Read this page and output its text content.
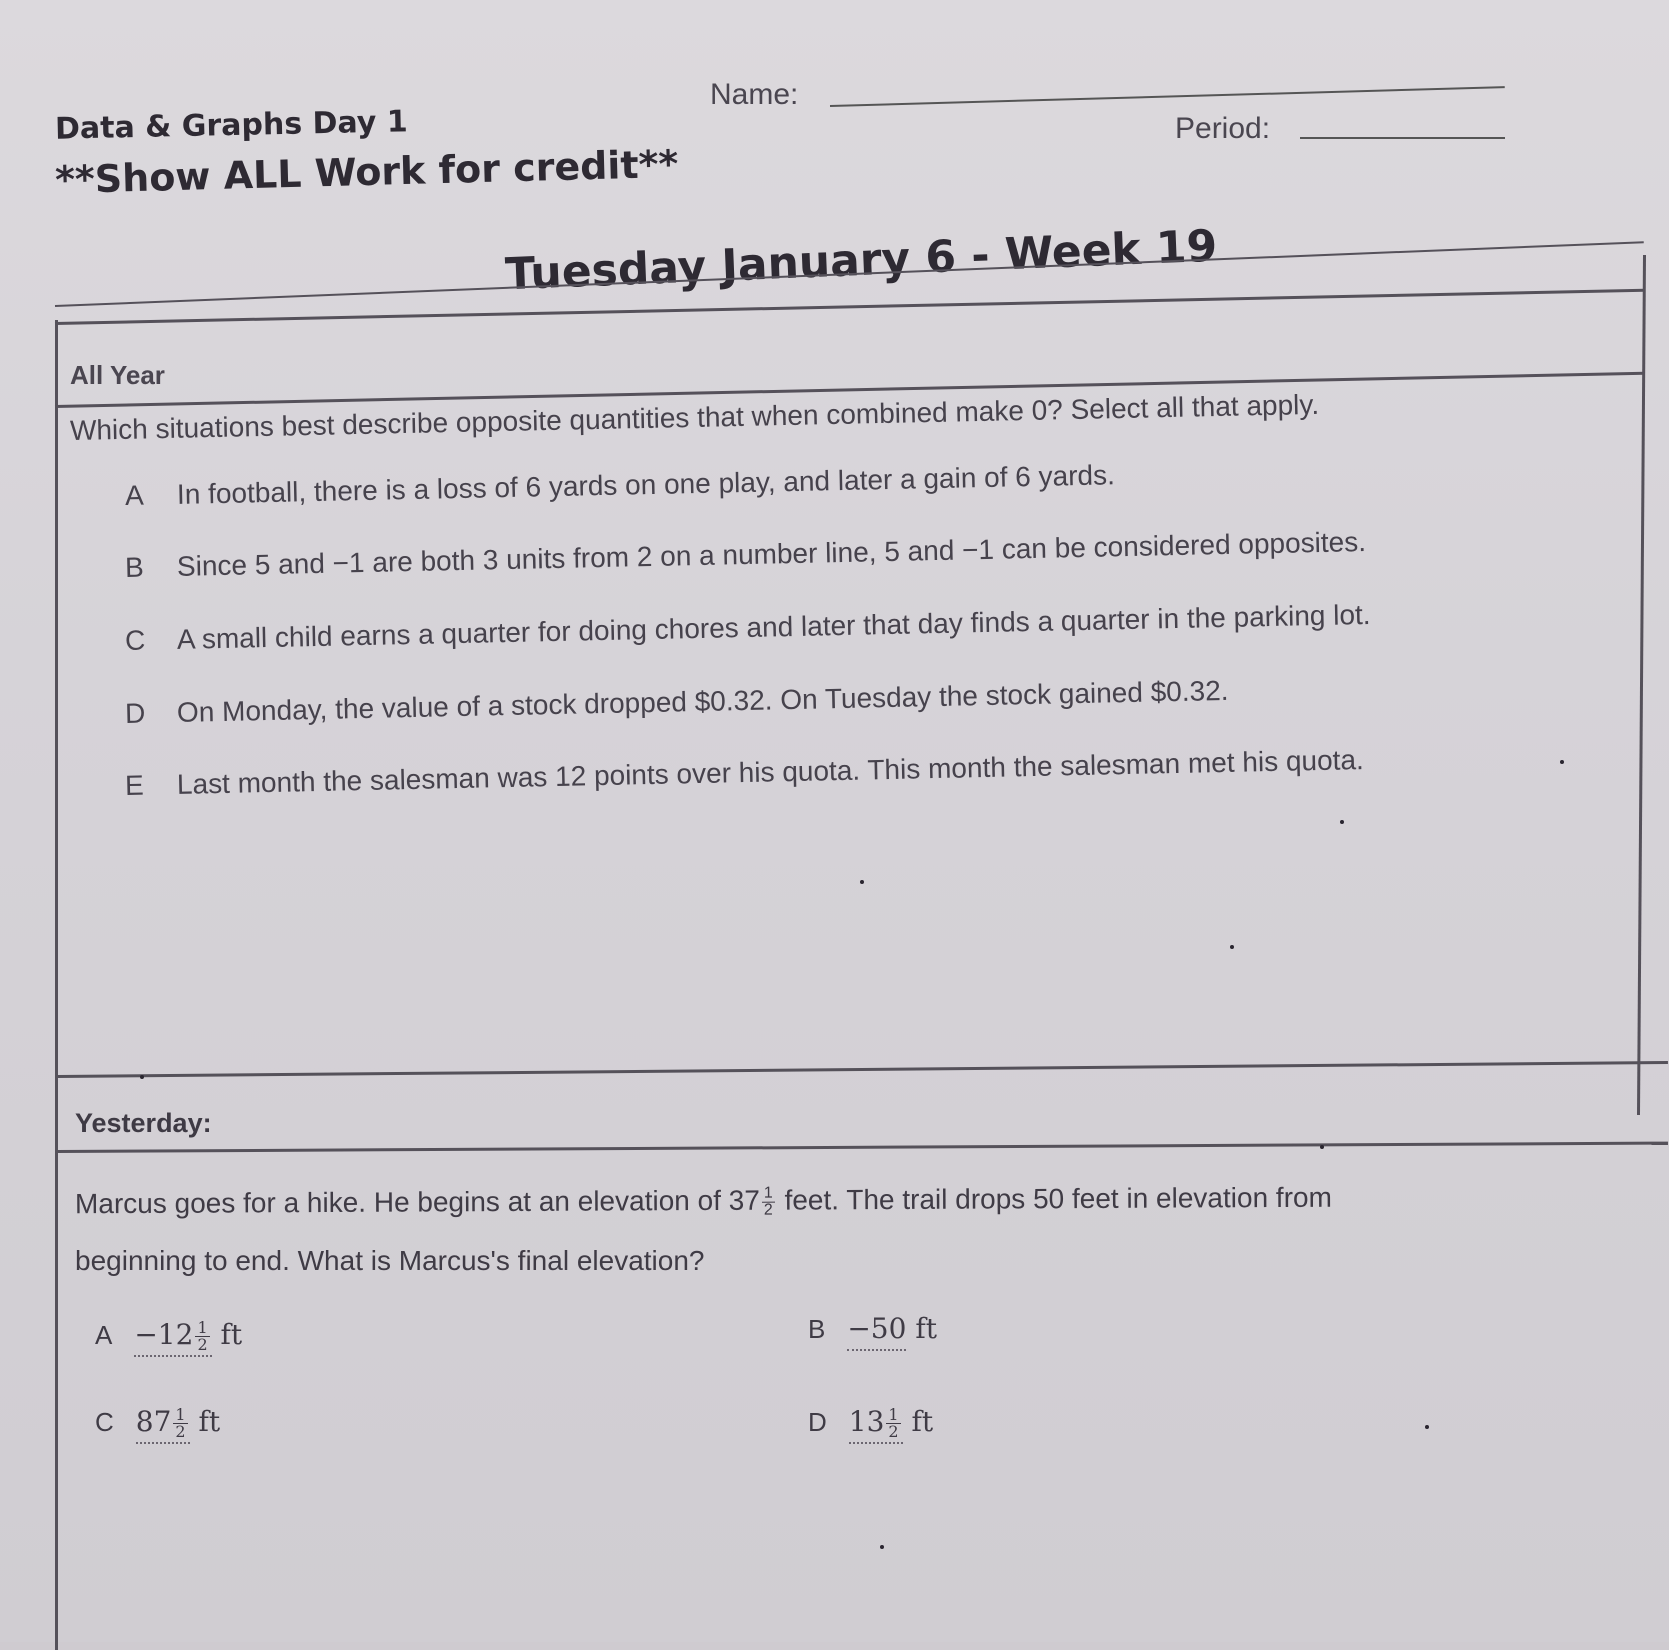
Data & Graphs Day 1
**Show ALL Work for credit**
Name:
Period:
Tuesday January 6 - Week 19
All Year
Which situations best describe opposite quantities that when combined make 0? Select all that apply.
A In football, there is a loss of 6 yards on one play, and later a gain of 6 yards.
B Since 5 and −1 are both 3 units from 2 on a number line, 5 and −1 can be considered opposites.
C A small child earns a quarter for doing chores and later that day finds a quarter in the parking lot.
D On Monday, the value of a stock dropped $0.32. On Tuesday the stock gained $0.32.
E Last month the salesman was 12 points over his quota. This month the salesman met his quota.
Yesterday:
Marcus goes for a hike. He begins at an elevation of $37 \frac{1}{2}$ feet. The trail drops 50 feet in elevation from
beginning to end. What is Marcus's final elevation?
$A -12 \frac{1}{2}$ ft	B −50 ft
C $87 \frac{1}{2}$ ft	D $13 \frac{1}{2}$ ft
